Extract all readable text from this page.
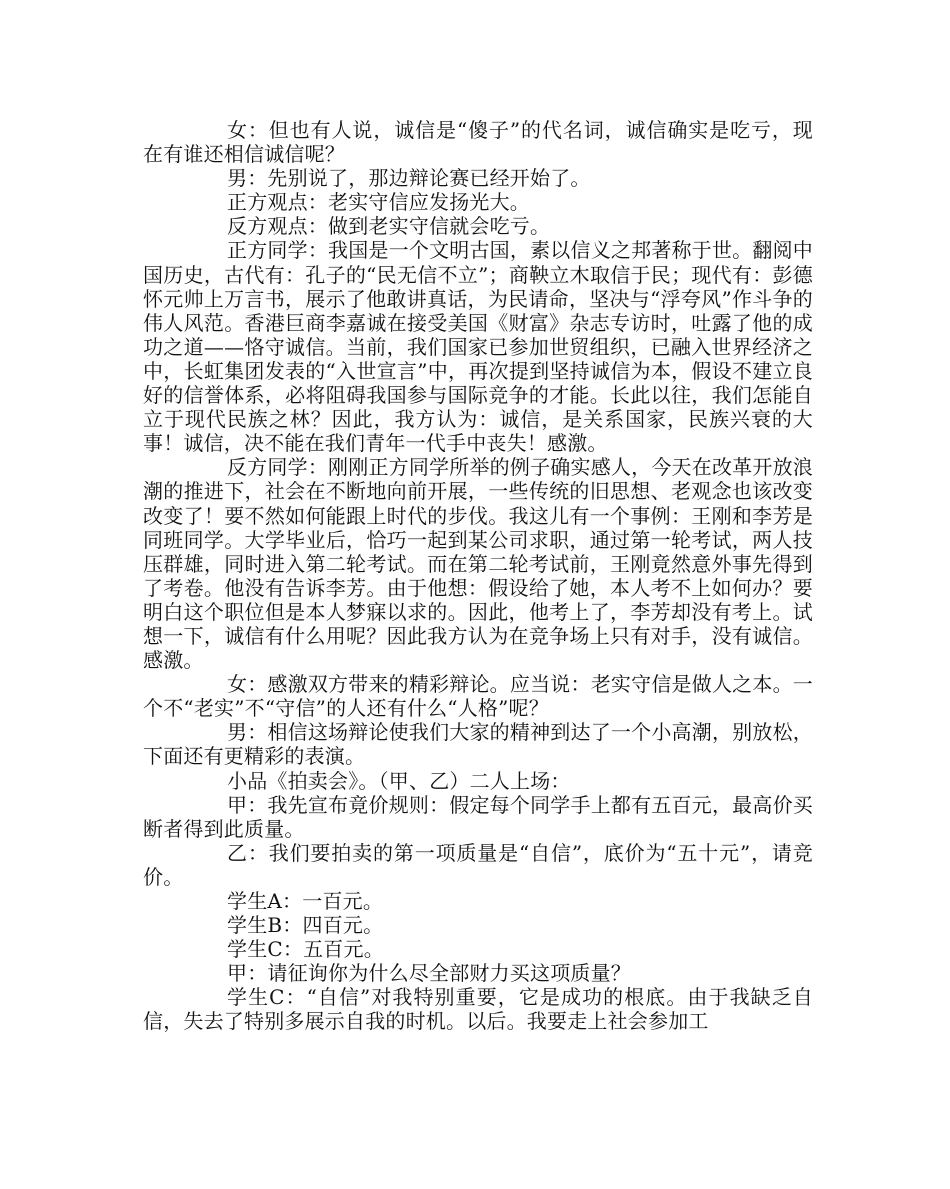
女：但也有人说，诚信是“傻子”的代名词，诚信确实是吃亏，现在有谁还相信诚信呢？

男：先别说了，那边辩论赛已经开始了。

正方观点：老实守信应发扬光大。

反方观点：做到老实守信就会吃亏。

正方同学：我国是一个文明古国，素以信义之邦著称于世。翻阅中国历史，古代有：孔子的“民无信不立”；商鞅立木取信于民；现代有：彭德怀元帅上万言书，展示了他敢讲真话，为民请命，坚决与“浮夸风”作斗争的伟人风范。香港巨商李嘉诚在接受美国《财富》杂志专访时，吐露了他的成功之道——恪守诚信。当前，我们国家已参加世贸组织，已融入世界经济之中，长虹集团发表的“入世宣言”中，再次提到坚持诚信为本，假设不建立良好的信誉体系，必将阻碍我国参与国际竞争的才能。长此以往，我们怎能自立于现代民族之林？因此，我方认为：诚信，是关系国家，民族兴衰的大事！诚信，决不能在我们青年一代手中丧失！感激。

反方同学：刚刚正方同学所举的例子确实感人，今天在改革开放浪潮的推进下，社会在不断地向前开展，一些传统的旧思想、老观念也该改变改变了！要不然如何能跟上时代的步伐。我这儿有一个事例：王刚和李芳是同班同学。大学毕业后，恰巧一起到某公司求职，通过第一轮考试，两人技压群雄，同时进入第二轮考试。而在第二轮考试前，王刚竟然意外事先得到了考卷。他没有告诉李芳。由于他想：假设给了她，本人考不上如何办？要明白这个职位但是本人梦寐以求的。因此，他考上了，李芳却没有考上。试想一下，诚信有什么用呢？因此我方认为在竞争场上只有对手，没有诚信。感激。

女：感激双方带来的精彩辩论。应当说：老实守信是做人之本。一个不“老实”不“守信”的人还有什么“人格”呢？

男：相信这场辩论使我们大家的精神到达了一个小高潮，别放松，下面还有更精彩的表演。

小品《拍卖会》。（甲、乙）二人上场：

甲：我先宣布竟价规则：假定每个同学手上都有五百元，最高价买断者得到此质量。

乙：我们要拍卖的第一项质量是“自信”，底价为“五十元”，请竞价。

学生A：一百元。

学生B：四百元。

学生C：五百元。

甲：请征询你为什么尽全部财力买这项质量？

学生C：“自信”对我特别重要，它是成功的根底。由于我缺乏自信，失去了特别多展示自我的时机。以后。我要走上社会参加工
